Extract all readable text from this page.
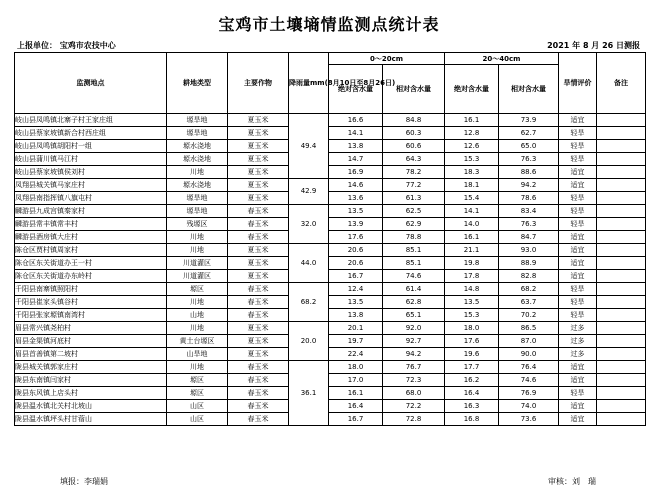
宝鸡市土壤墒情监测点统计表
上报单位： 宝鸡市农技中心	2021 年 8 月 26 日测报
监测地点	耕地类型	主要作物	降雨量mm(8月10日至8月26日)	0～20cm		20～40cm		旱情评价	备注
				绝对含水量	相对含水量	绝对含水量	相对含水量		
岐山县凤鸣镇北寨子村王家庄组	塬旱地	夏玉米	49.4	16.6	84.8	16.1	73.9	适宜	
岐山县蔡家坡镇新合村西庄组	塬旱地	夏玉米		14.1	60.3	12.8	62.7	轻旱	
岐山县凤鸣镇胡阳村一组	塬水浇地	夏玉米		13.8	60.6	12.6	65.0	轻旱	
岐山县蒲川镇马江村	塬水浇地	夏玉米		14.7	64.3	15.3	76.3	轻旱	
岐山县蔡家坡镇侯刘村	川地	夏玉米		16.9	78.2	18.3	88.6	适宜	
凤翔县城关镇马家庄村	塬水浇地	夏玉米	42.9	14.6	77.2	18.1	94.2	适宜	
凤翔县南指挥镇八旗屯村	塬旱地	夏玉米		13.6	61.3	15.4	78.6	轻旱	
麟游县九成宫镇秦家村	塬旱地	春玉米	32.0	13.5	62.5	14.1	83.4	轻旱	
麟游县常丰镇常丰村	残塬区	春玉米		13.9	62.9	14.0	76.3	轻旱	
麟游县酒房镇大庄村	川地	春玉米		17.6	78.8	16.1	84.7	适宜	
陈仓区贾村镇周家村	川地	夏玉米	44.0	20.6	85.1	21.1	93.0	适宜	
陈仓区东关街道办王一村	川道灌区	夏玉米		20.6	85.1	19.8	88.9	适宜	
陈仓区东关街道办东岭村	川道灌区	夏玉米		16.7	74.6	17.8	82.8	适宜	
千阳县南寨镇照阳村	塬区	春玉米	68.2	12.4	61.4	14.8	68.2	轻旱	
千阳县崔家头镇谷村	川地	春玉米		13.5	62.8	13.5	63.7	轻旱	
千阳县张家塬镇南湾村	山地	春玉米		13.8	65.1	15.3	70.2	轻旱	
眉县常兴镇尧柏村	川地	夏玉米	20.0	20.1	92.0	18.0	86.5	过多	
眉县金渠镇河底村	黄土台塬区	夏玉米		19.7	92.7	17.6	87.0	过多	
眉县首善镇第二坡村	山旱地	夏玉米		22.4	94.2	19.6	90.0	过多	
陇县城关镇郭家庄村	川地	春玉米	36.1	18.0	76.7	17.7	76.4	适宜	
陇县东南镇闫家村	塬区	春玉米		17.0	72.3	16.2	74.6	适宜	
陇县东风镇上店头村	塬区	春玉米		16.1	68.0	16.4	76.9	轻旱	
陇县温水镇北关村北坡山	山区	春玉米		16.4	72.2	16.3	74.0	适宜	
陇县温水镇坪头村甘蓿山	山区	春玉米		16.7	72.8	16.8	73.6	适宜	
填报：李瑞娟	审核：刘　瑞
